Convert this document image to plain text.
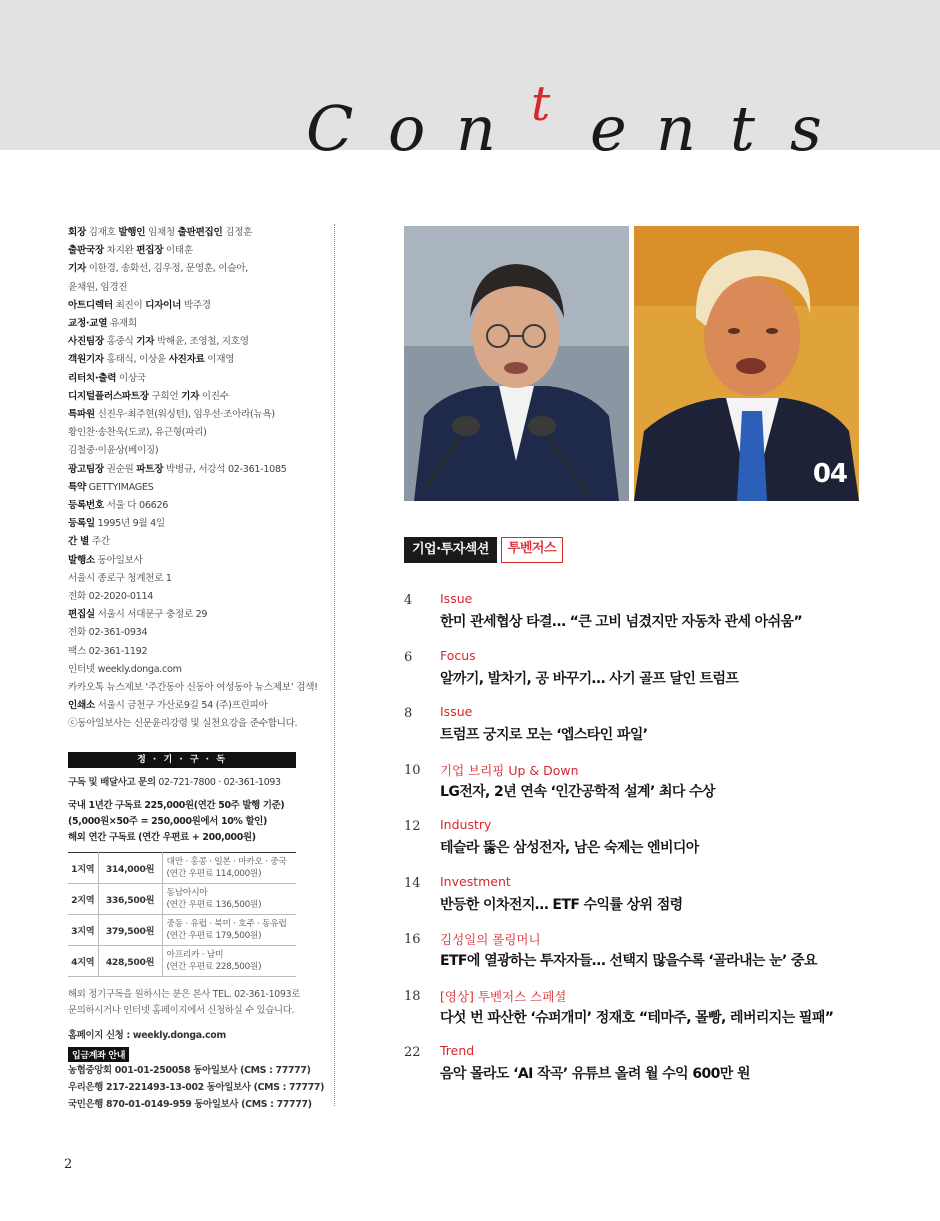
C o n t e n t s

회장 김재호 발행인 임채청 출판편집인 김정훈

출판국장 차지완 편집장 이태훈

기자 이한경, 송화선, 김우정, 문영훈, 이슬아,

윤채원, 임경진

아트디렉터 최진이 디자이너 박주경

교정·교열 유재희

사진팀장 홍중식 기자 박해윤, 조영철, 지호영

객원기자 홍태식, 이상윤 사진자료 이재영

리터치·출력 이상국

디지털플러스파트장 구희언 기자 이진수

특파원 신진우·최주현(워싱턴), 임우선·조아라(뉴욕)

황인찬·송찬욱(도쿄), 유근형(파리)

김철중·이윤상(베이징)

광고팀장 권순원 파트장 박병규, 서강석 02-361-1085

특약 GETTYIMAGES

등록번호 서울 다 06626

등록일 1995년 9월 4일

간 별 주간

발행소 동아일보사

서울시 종로구 청계천로 1

전화 02-2020-0114

편집실 서울시 서대문구 충정로 29

전화 02-361-0934

팩스 02-361-1192

인터넷 weekly.donga.com

카카오톡 뉴스제보 ‘주간동아 신동아 여성동아 뉴스제보’ 검색!

인쇄소 서울시 금천구 가산로9길 54 (주)프린피아

ⓒ동아일보사는 신문윤리강령 및 실천요강을 준수합니다.

정 · 기 · 구 · 독

구독 및 배달사고 문의 02-721-7800 · 02-361-1093

국내 1년간 구독료 225,000원(연간 50주 발행 기준)

(5,000원×50주 = 250,000원에서 10% 할인)

해외 연간 구독료 (연간 우편료 + 200,000원)

1지역	314,000원	대만 · 홍콩 · 일본 · 마카오 · 중국
(연간 우편료 114,000원)

2지역	336,500원	동남아시아
(연간 우편료 136,500원)

3지역	379,500원	중동 · 유럽 · 북미 · 호주 · 동유럽
(연간 우편료 179,500원)

4지역	428,500원	아프리카 · 남미
(연간 우편료 228,500원)

해외 정기구독을 원하시는 분은 본사 TEL. 02-361-1093로

문의하시거나 인터넷 홈페이지에서 신청하실 수 있습니다.

홈페이지 신청 : weekly.donga.com

입금계좌 안내

농협중앙회 001-01-250058 동아일보사 (CMS : 77777)

우리은행 217-221493-13-002 동아일보사 (CMS : 77777)

국민은행 870-01-0149-959 동아일보사 (CMS : 77777)

04
기업·투자섹션	투벤저스
4 Issue
한미 관세협상 타결… “큰 고비 넘겼지만 자동차 관세 아쉬움”
6 Focus
알까기, 발차기, 공 바꾸기… 사기 골프 달인 트럼프
8 Issue
트럼프 궁지로 모는 ‘엡스타인 파일’
10 기업 브리핑 Up & Down
LG전자, 2년 연속 ‘인간공학적 설계’ 최다 수상
12 Industry
테슬라 뚫은 삼성전자, 남은 숙제는 엔비디아
14 Investment
반등한 이차전지… ETF 수익률 상위 점령
16 김성일의 롤링머니
ETF에 열광하는 투자자들… 선택지 많을수록 ‘골라내는 눈’ 중요
18 [영상] 투벤저스 스페셜
다섯 번 파산한 ‘슈퍼개미’ 정재호 “테마주, 몰빵, 레버리지는 필패”
22 Trend
음악 몰라도 ‘AI 작곡’ 유튜브 올려 월 수익 600만 원
2
